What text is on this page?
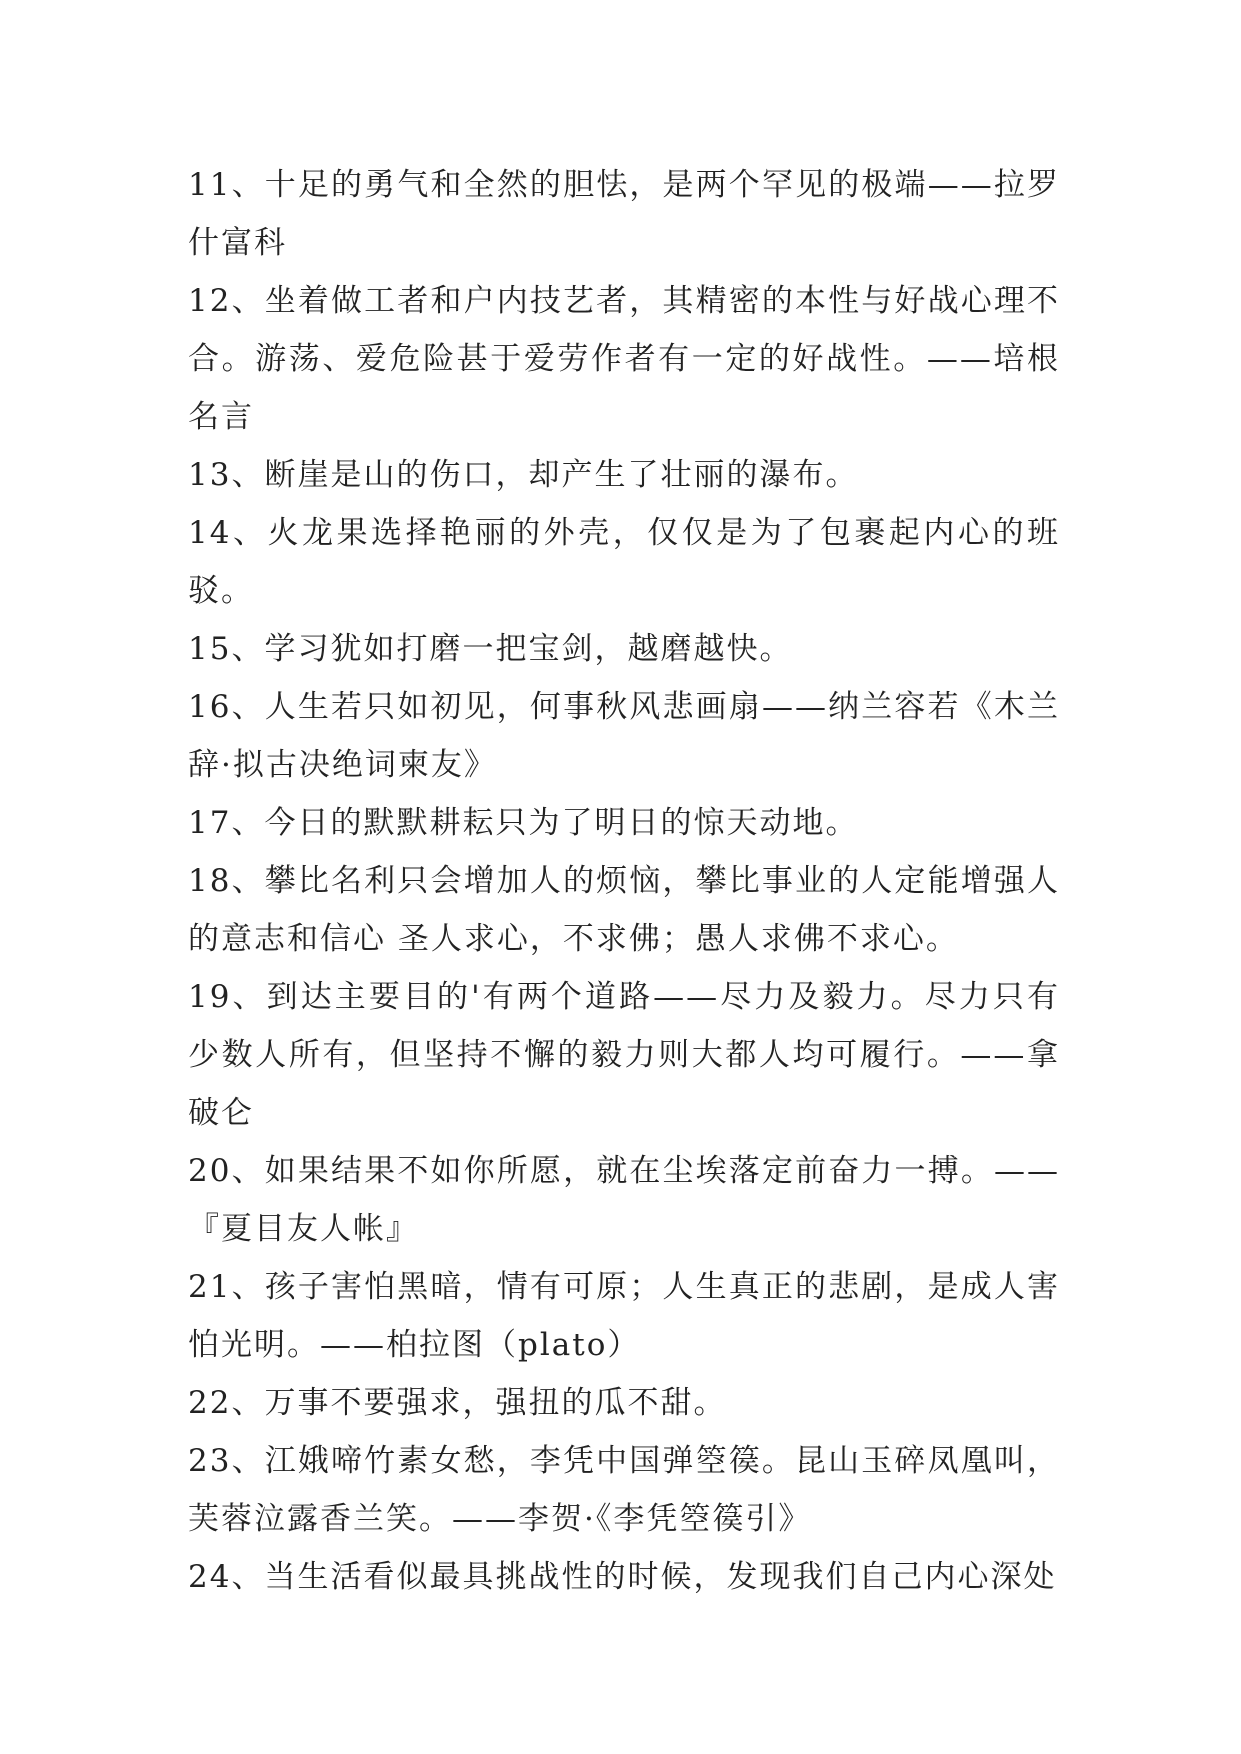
11、十足的勇气和全然的胆怯，是两个罕见的极端——拉罗什富科

12、坐着做工者和户内技艺者，其精密的本性与好战心理不合。游荡、爱危险甚于爱劳作者有一定的好战性。——培根名言

13、断崖是山的伤口，却产生了壮丽的瀑布。

14、火龙果选择艳丽的外壳，仅仅是为了包裹起内心的班驳。

15、学习犹如打磨一把宝剑，越磨越快。

16、人生若只如初见，何事秋风悲画扇——纳兰容若《木兰辞·拟古决绝词柬友》

17、今日的默默耕耘只为了明日的惊天动地。

18、攀比名利只会增加人的烦恼，攀比事业的人定能增强人的意志和信心 圣人求心，不求佛；愚人求佛不求心。

19、到达主要目的'有两个道路——尽力及毅力。尽力只有少数人所有，但坚持不懈的毅力则大都人均可履行。——拿破仑

20、如果结果不如你所愿，就在尘埃落定前奋力一搏。——『夏目友人帐』

21、孩子害怕黑暗，情有可原；人生真正的悲剧，是成人害怕光明。——柏拉图（plato）

22、万事不要强求，强扭的瓜不甜。

23、江娥啼竹素女愁，李凭中国弹箜篌。昆山玉碎凤凰叫，芙蓉泣露香兰笑。——李贺·《李凭箜篌引》

24、当生活看似最具挑战性的时候，发现我们自己内心深处
